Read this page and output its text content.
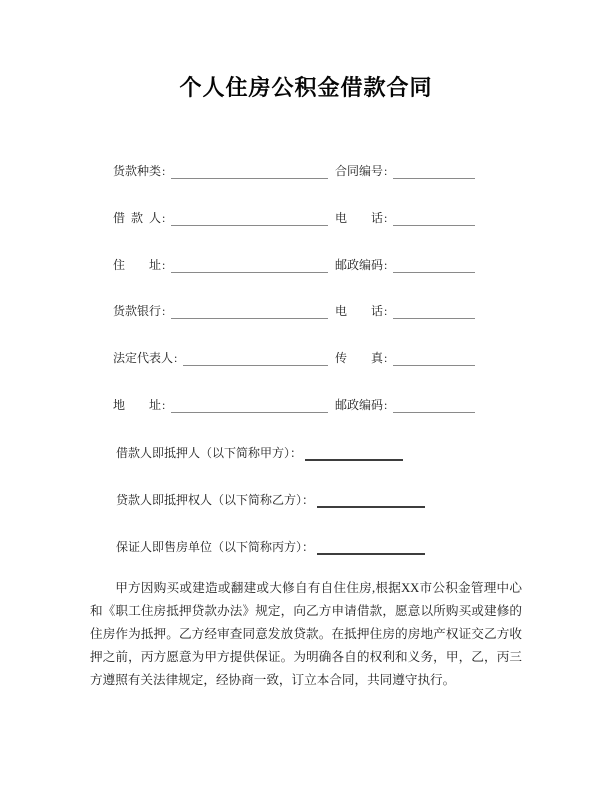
个人住房公积金借款合同
货款种类 :	合同编号 :
借 款 人 :	电 话 :
住 址 :	邮政编码 :
货款银行 :	电 话 :
法定代表人 :	传 真 :
地 址 :	邮政编码 :
借款人即抵押人（以下简称甲方）：
贷款人即抵押权人（以下简称乙方）：
保证人即售房单位（以下简称丙方）：
甲方因购买或建造或翻建或大修自有自住住房,根据XX市公积金管理中心和《职工住房抵押贷款办法》规定，向乙方申请借款，愿意以所购买或建修的住房作为抵押。乙方经审查同意发放贷款。在抵押住房的房地产权证交乙方收押之前，丙方愿意为甲方提供保证。为明确各自的权利和义务，甲，乙，丙三方遵照有关法律规定，经协商一致，订立本合同，共同遵守执行。
